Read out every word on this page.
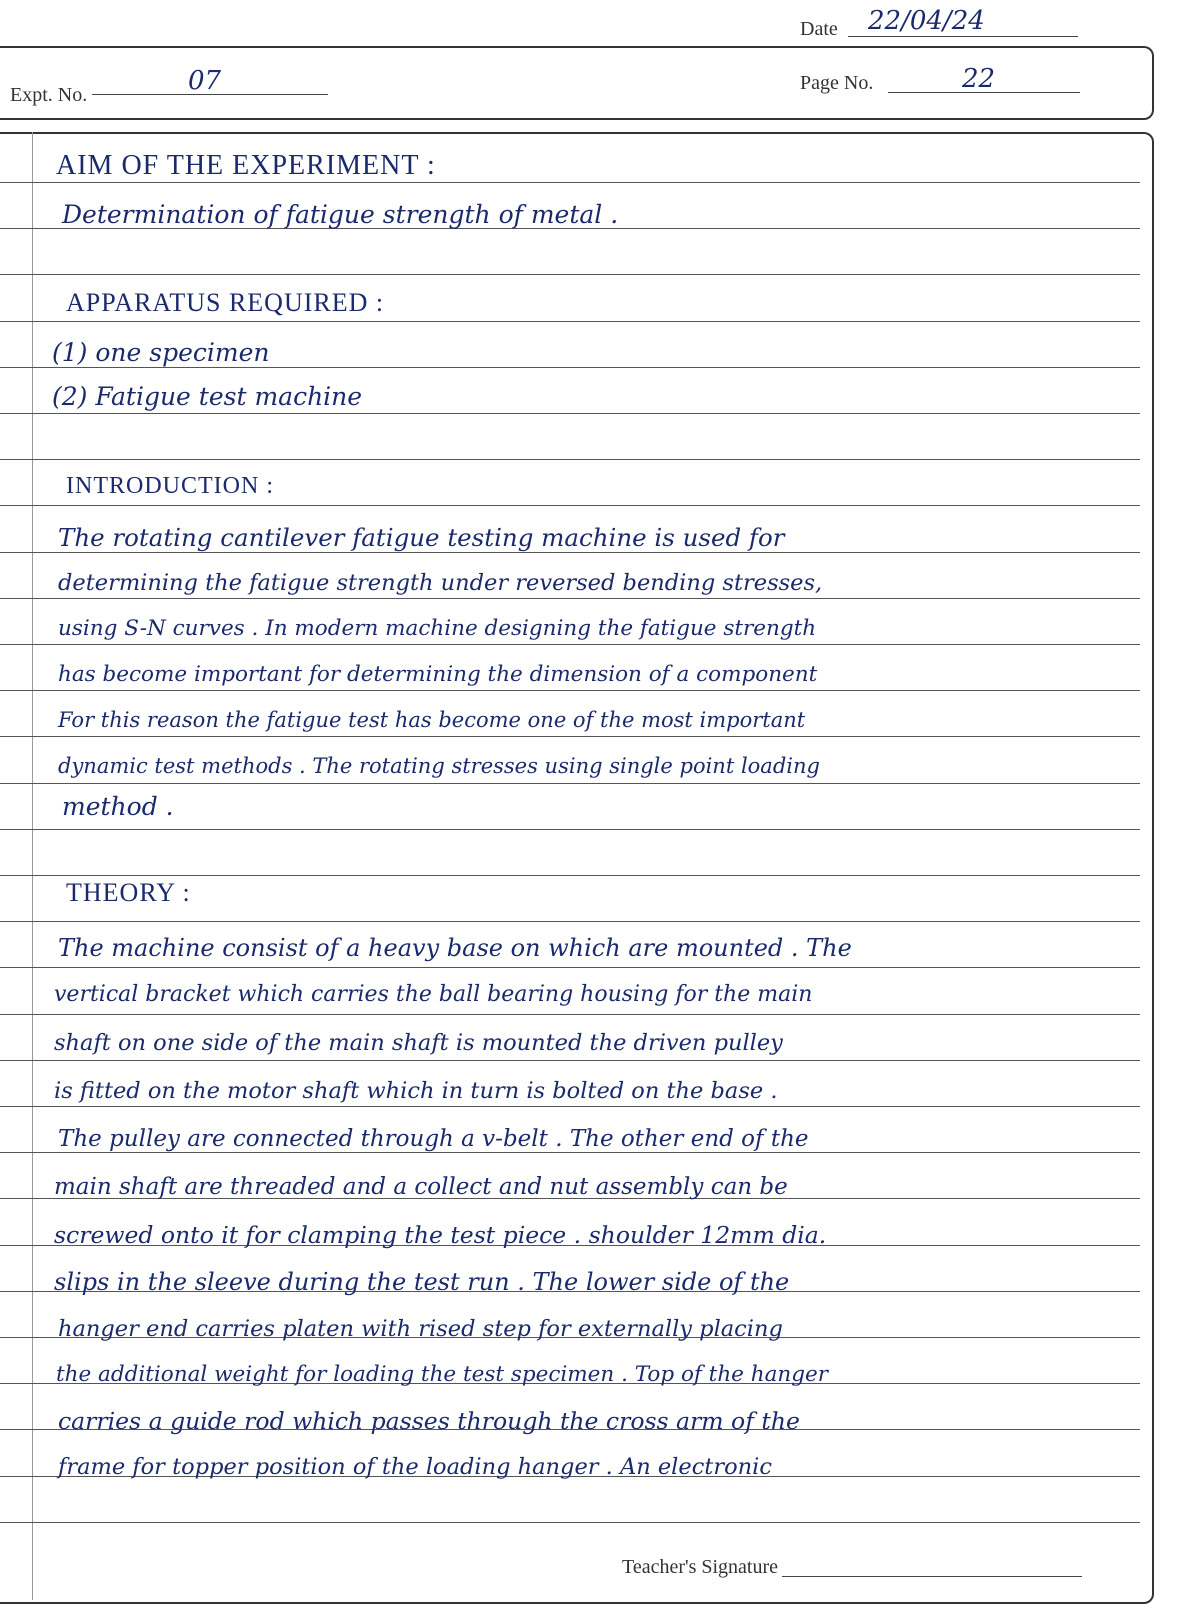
Date 22/04/24
Expt. No.	07	Page No.	22
AIM OF THE EXPERIMENT :
Determination of fatigue strength of metal .
APPARATUS REQUIRED :
(1) one specimen
(2) Fatigue test machine
INTRODUCTION :
The rotating cantilever fatigue testing machine is used for
determining the fatigue strength under reversed bending stresses,
using S-N curves . In modern machine designing the fatigue strength
has become important for determining the dimension of a component
For this reason the fatigue test has become one of the most important
dynamic test methods . The rotating stresses using single point loading
method .
THEORY :
The machine consist of a heavy base on which are mounted . The
vertical bracket which carries the ball bearing housing for the main
shaft on one side of the main shaft is mounted the driven pulley
is fitted on the motor shaft which in turn is bolted on the base .
The pulley are connected through a v-belt . The other end of the
main shaft are threaded and a collect and nut assembly can be
screwed onto it for clamping the test piece . shoulder 12mm dia.
slips in the sleeve during the test run . The lower side of the
hanger end carries platen with rised step for externally placing
the additional weight for loading the test specimen . Top of the hanger
carries a guide rod which passes through the cross arm of the
frame for topper position of the loading hanger . An electronic
Teacher's Signature
